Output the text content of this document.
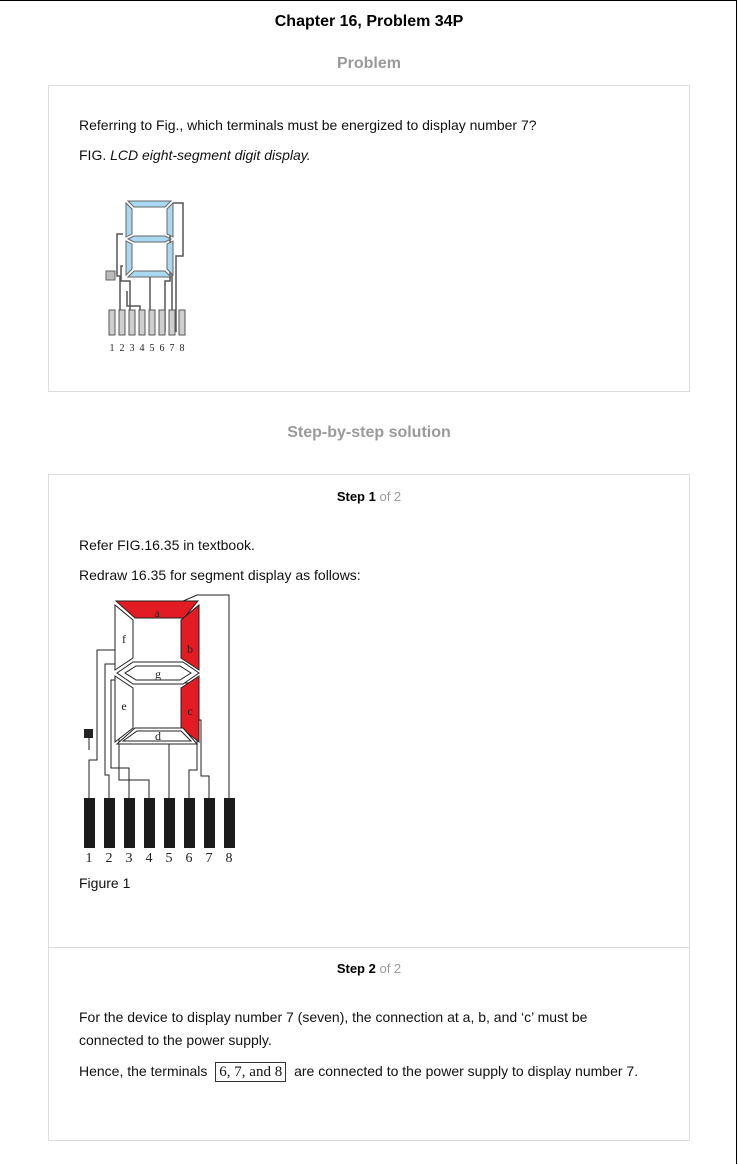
Chapter 16, Problem 34P
Problem
Referring to Fig., which terminals must be energized to display number 7?
FIG. LCD eight-segment digit display.
1 2 3 4 5 6 7 8
Step-by-step solution
Step 1 of 2
Refer FIG.16.35 in textbook.
Redraw 16.35 for segment display as follows:
a
b
c
d
e
f
g
1 2 3 4 5 6 7 8
Figure 1
Step 2 of 2
For the device to display number 7 (seven), the connection at a, b, and ‘c’ must be
connected to the power supply.
Hence, the terminals 6, 7, and 8 are connected to the power supply to display number 7.
